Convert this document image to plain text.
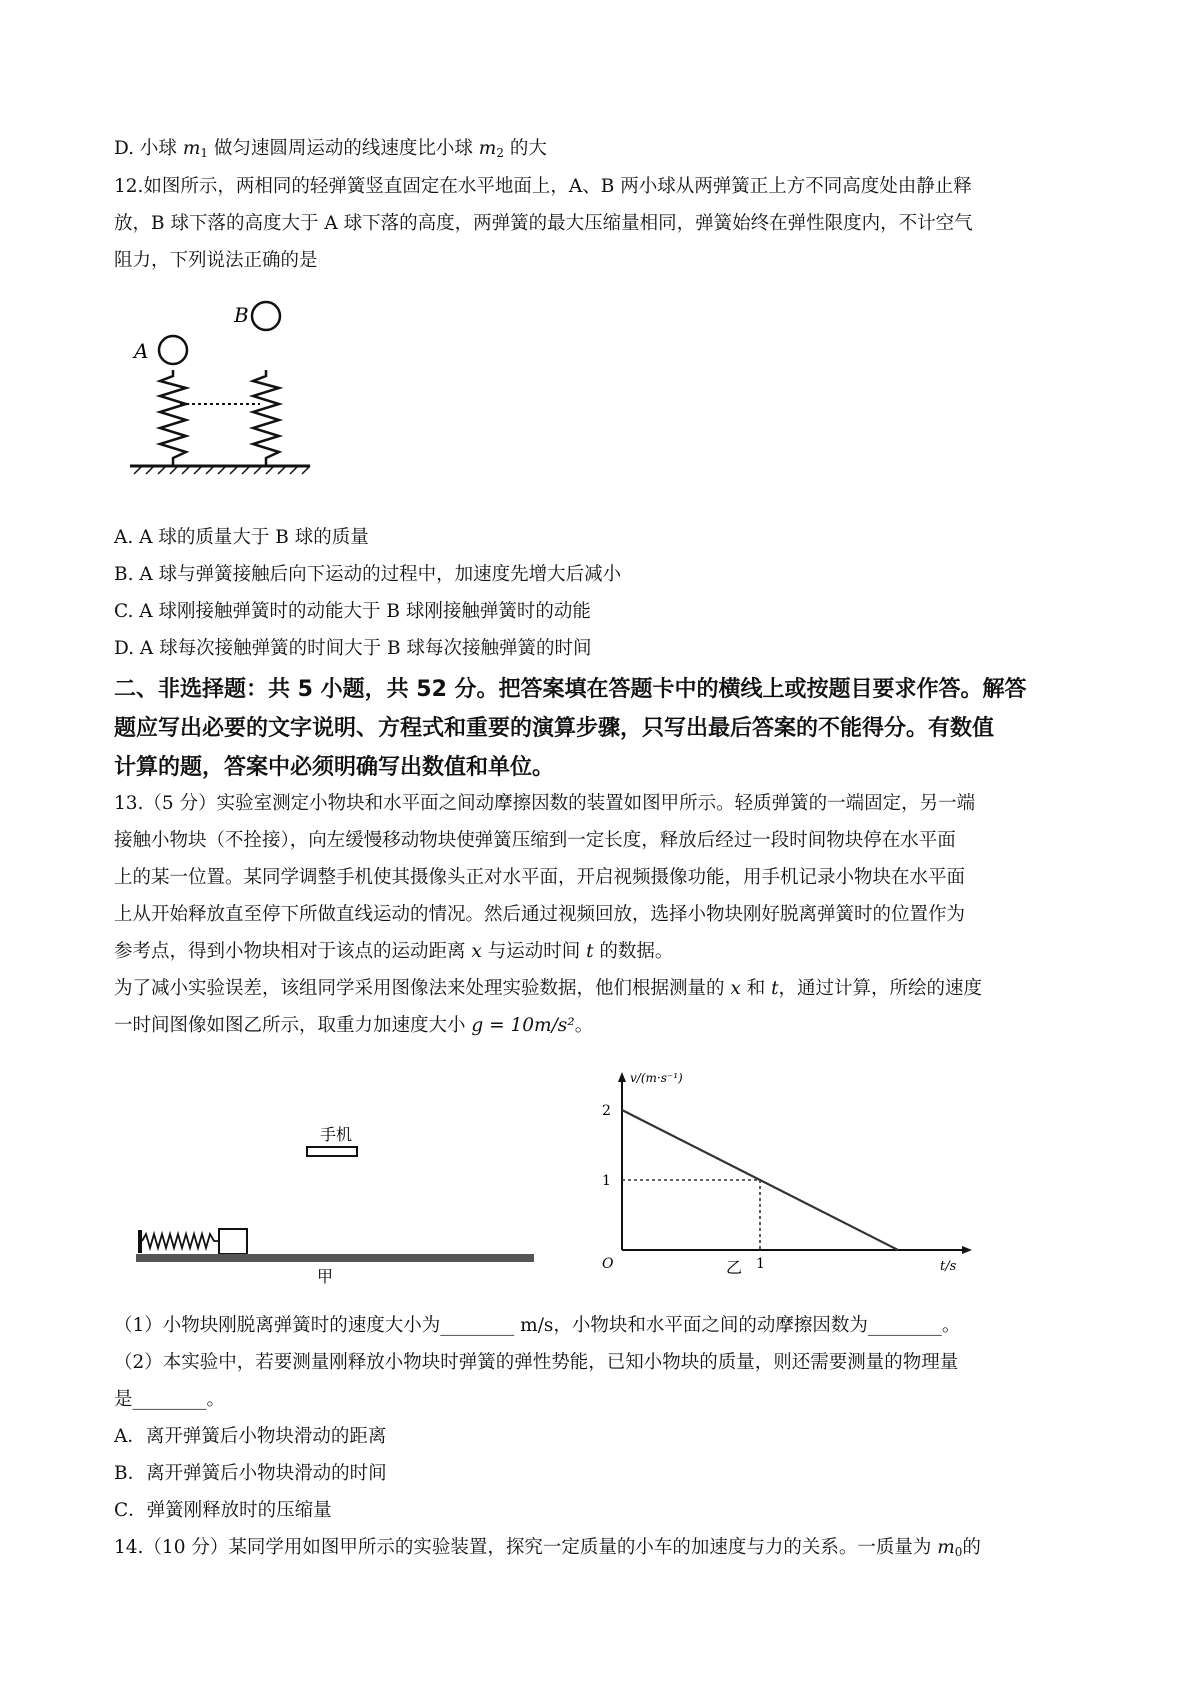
D. 小球 $m_1$ 做匀速圆周运动的线速度比小球 $m_2$ 的大
12.如图所示，两相同的轻弹簧竖直固定在水平地面上，A、B 两小球从两弹簧正上方不同高度处由静止释
放，B 球下落的高度大于 A 球下落的高度，两弹簧的最大压缩量相同，弹簧始终在弹性限度内，不计空气
阻力，下列说法正确的是
B
A
A. A 球的质量大于 B 球的质量
B. A 球与弹簧接触后向下运动的过程中，加速度先增大后减小
C. A 球刚接触弹簧时的动能大于 B 球刚接触弹簧时的动能
D. A 球每次接触弹簧的时间大于 B 球每次接触弹簧的时间
二、非选择题：共 5 小题，共 52 分。把答案填在答题卡中的横线上或按题目要求作答。解答
题应写出必要的文字说明、方程式和重要的演算步骤，只写出最后答案的不能得分。有数值
计算的题，答案中必须明确写出数值和单位。
13.（5 分）实验室测定小物块和水平面之间动摩擦因数的装置如图甲所示。轻质弹簧的一端固定，另一端
接触小物块（不拴接），向左缓慢移动物块使弹簧压缩到一定长度，释放后经过一段时间物块停在水平面
上的某一位置。某同学调整手机使其摄像头正对水平面，开启视频摄像功能，用手机记录小物块在水平面
上从开始释放直至停下所做直线运动的情况。然后通过视频回放，选择小物块刚好脱离弹簧时的位置作为
参考点，得到小物块相对于该点的运动距离 x 与运动时间 t 的数据。
为了减小实验误差，该组同学采用图像法来处理实验数据，他们根据测量的 x 和 t，通过计算，所绘的速度
一时间图像如图乙所示，取重力加速度大小 g = 10m/s²。
手机
甲
v/(m·s⁻¹)
t/s
O	乙
1
2
1
（1）小物块刚脱离弹簧时的速度大小为________ m/s，小物块和水平面之间的动摩擦因数为________。
（2）本实验中，若要测量刚释放小物块时弹簧的弹性势能，已知小物块的质量，则还需要测量的物理量
是________。
A．离开弹簧后小物块滑动的距离
B．离开弹簧后小物块滑动的时间
C．弹簧刚释放时的压缩量
14.（10 分）某同学用如图甲所示的实验装置，探究一定质量的小车的加速度与力的关系。一质量为 $m_0$的
